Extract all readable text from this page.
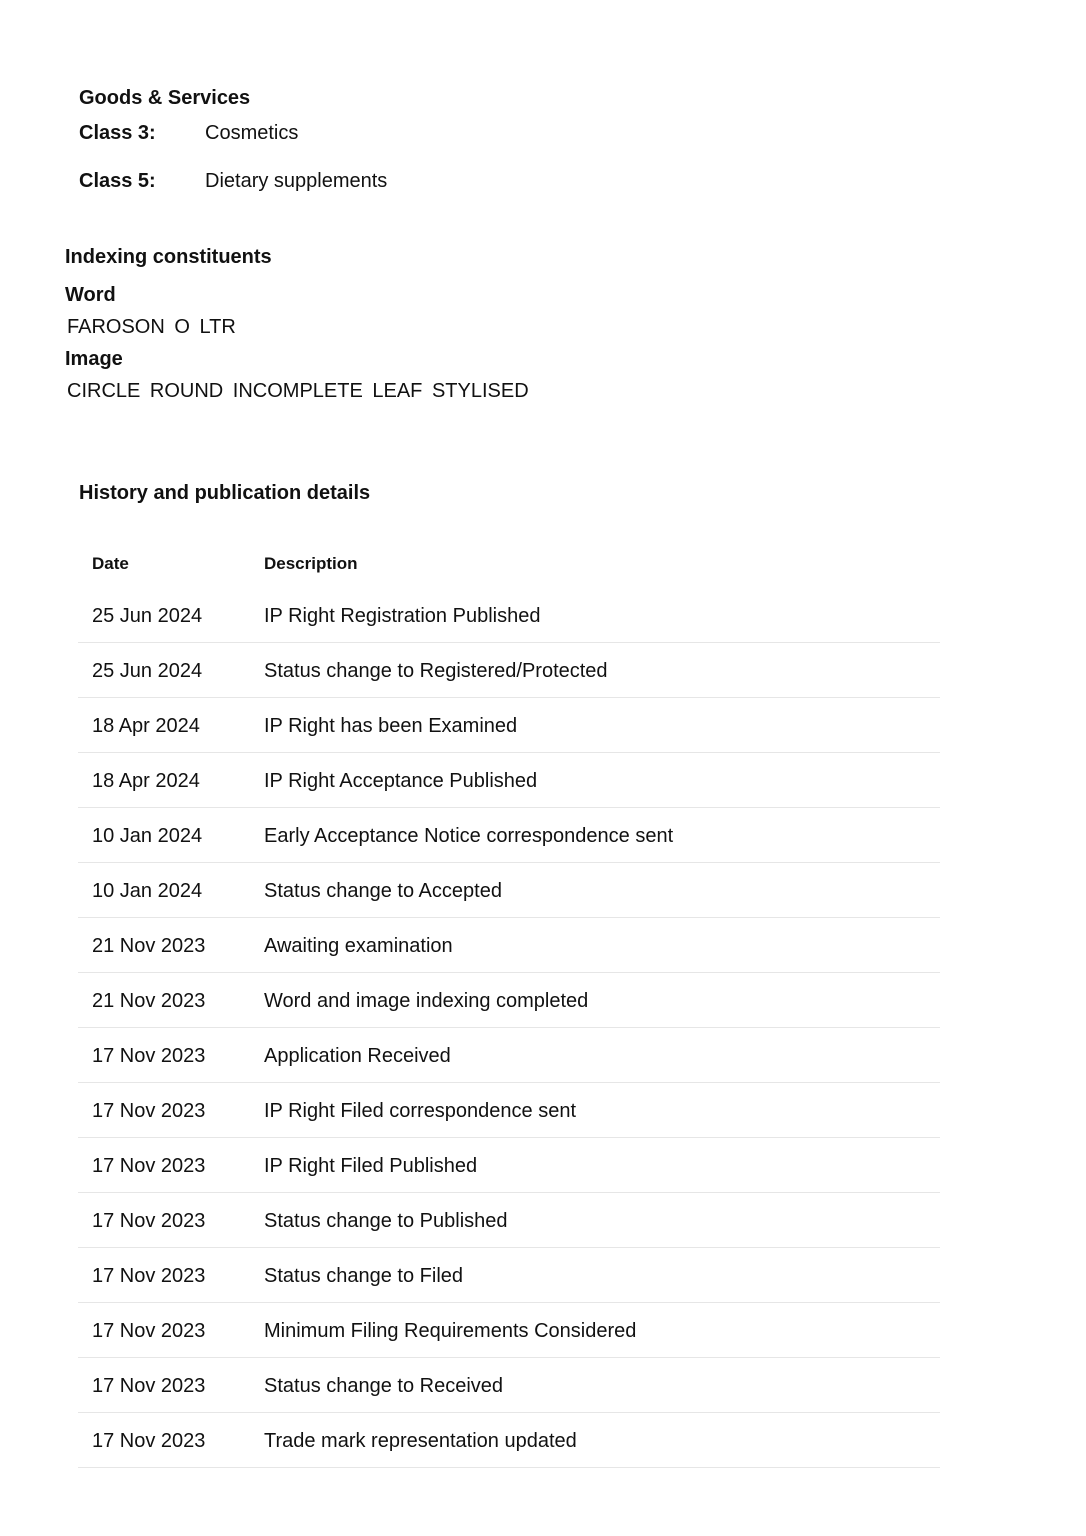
Goods & Services
Class 3: Cosmetics
Class 5: Dietary supplements
Indexing constituents
Word
FAROSON O LTR
Image
CIRCLE ROUND INCOMPLETE LEAF STYLISED
History and publication details
Date	Description
25 Jun 2024	IP Right Registration Published
25 Jun 2024	Status change to Registered/Protected
18 Apr 2024	IP Right has been Examined
18 Apr 2024	IP Right Acceptance Published
10 Jan 2024	Early Acceptance Notice correspondence sent
10 Jan 2024	Status change to Accepted
21 Nov 2023	Awaiting examination
21 Nov 2023	Word and image indexing completed
17 Nov 2023	Application Received
17 Nov 2023	IP Right Filed correspondence sent
17 Nov 2023	IP Right Filed Published
17 Nov 2023	Status change to Published
17 Nov 2023	Status change to Filed
17 Nov 2023	Minimum Filing Requirements Considered
17 Nov 2023	Status change to Received
17 Nov 2023	Trade mark representation updated
